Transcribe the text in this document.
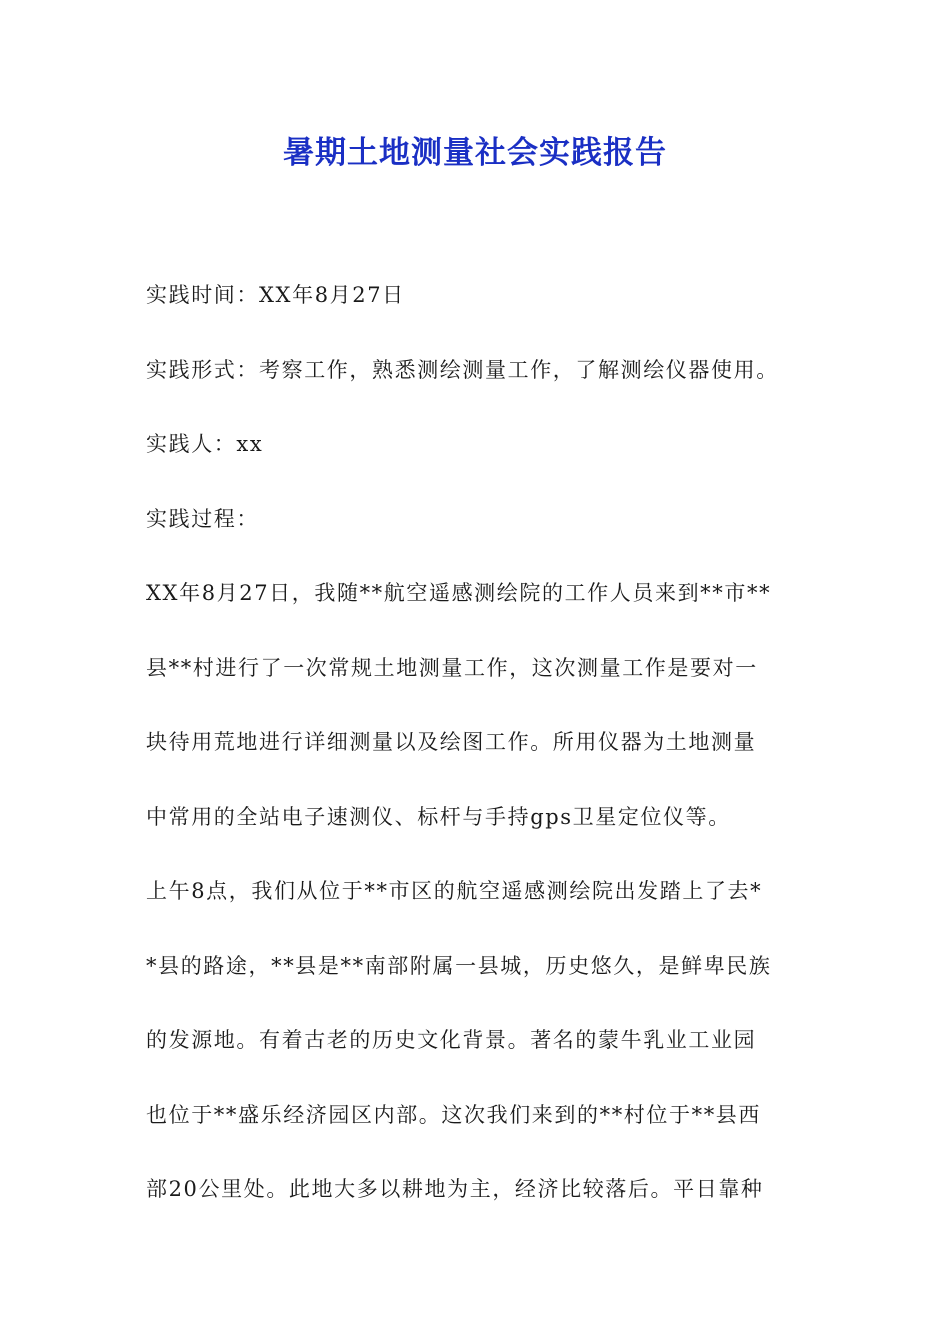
暑期土地测量社会实践报告

实践时间：XX年8月27日

实践形式：考察工作，熟悉测绘测量工作，了解测绘仪器使用。

实践人：xx

实践过程：

XX年8月27日，我随**航空遥感测绘院的工作人员来到**市**
县**村进行了一次常规土地测量工作，这次测量工作是要对一
块待用荒地进行详细测量以及绘图工作。所用仪器为土地测量
中常用的全站电子速测仪、标杆与手持gps卫星定位仪等。

上午8点，我们从位于**市区的航空遥感测绘院出发踏上了去*
*县的路途，**县是**南部附属一县城，历史悠久，是鲜卑民族
的发源地。有着古老的历史文化背景。著名的蒙牛乳业工业园
也位于**盛乐经济园区内部。这次我们来到的**村位于**县西
部20公里处。此地大多以耕地为主，经济比较落后。平日靠种
